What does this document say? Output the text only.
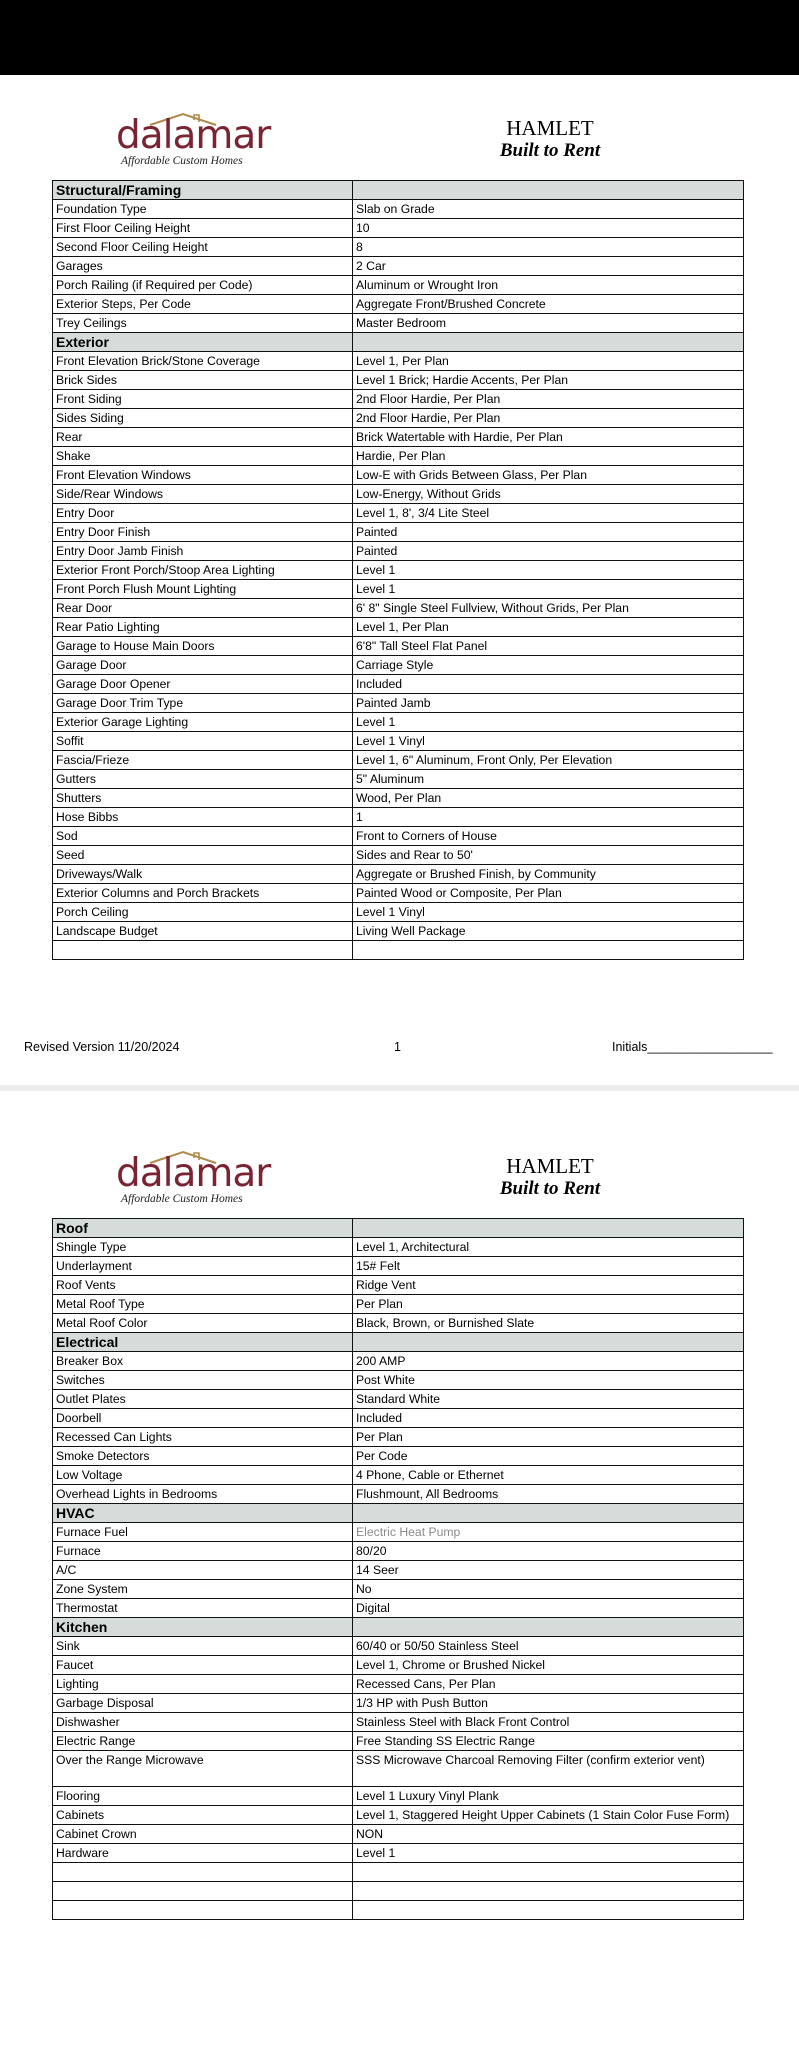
dalamar
Affordable Custom Homes
HAMLET
Built to Rent
Structural/Framing	
Foundation Type	Slab on Grade
First Floor Ceiling Height	10
Second Floor Ceiling Height	8
Garages	2 Car
Porch Railing (if Required per Code)	Aluminum or Wrought Iron
Exterior Steps, Per Code	Aggregate Front/Brushed Concrete
Trey Ceilings	Master Bedroom
Exterior	
Front Elevation Brick/Stone Coverage	Level 1, Per Plan
Brick Sides	Level 1 Brick; Hardie Accents, Per Plan
Front Siding	2nd Floor Hardie, Per Plan
Sides Siding	2nd Floor Hardie, Per Plan
Rear	Brick Watertable with Hardie, Per Plan
Shake	Hardie, Per Plan
Front Elevation Windows	Low-E with Grids Between Glass, Per Plan
Side/Rear Windows	Low-Energy, Without Grids
Entry Door	Level 1, 8', 3/4 Lite Steel
Entry Door Finish	Painted
Entry Door Jamb Finish	Painted
Exterior Front Porch/Stoop Area Lighting	Level 1
Front Porch Flush Mount Lighting	Level 1
Rear Door	6' 8" Single Steel Fullview, Without Grids, Per Plan
Rear Patio Lighting	Level 1, Per Plan
Garage to House Main Doors	6'8" Tall Steel Flat Panel
Garage Door	Carriage Style
Garage Door Opener	Included
Garage Door Trim Type	Painted Jamb
Exterior Garage Lighting	Level 1
Soffit	Level 1 Vinyl
Fascia/Frieze	Level 1, 6" Aluminum, Front Only, Per Elevation
Gutters	5" Aluminum
Shutters	Wood, Per Plan
Hose Bibbs	1
Sod	Front to Corners of House
Seed	Sides and Rear to 50'
Driveways/Walk	Aggregate or Brushed Finish, by Community
Exterior Columns and Porch Brackets	Painted Wood or Composite, Per Plan
Porch Ceiling	Level 1 Vinyl
Landscape Budget	Living Well Package

Revised Version 11/20/2024	1	Initials__________________
dalamar
Affordable Custom Homes
HAMLET
Built to Rent
Roof	
Shingle Type	Level 1, Architectural
Underlayment	15# Felt
Roof Vents	Ridge Vent
Metal Roof Type	Per Plan
Metal Roof Color	Black, Brown, or Burnished Slate
Electrical	
Breaker Box	200 AMP
Switches	Post White
Outlet Plates	Standard White
Doorbell	Included
Recessed Can Lights	Per Plan
Smoke Detectors	Per Code
Low Voltage	4 Phone, Cable or Ethernet
Overhead Lights in Bedrooms	Flushmount, All Bedrooms
HVAC	
Furnace Fuel	Electric Heat Pump
Furnace	80/20
A/C	14 Seer
Zone System	No
Thermostat	Digital
Kitchen	
Sink	60/40 or 50/50 Stainless Steel
Faucet	Level 1, Chrome or Brushed Nickel
Lighting	Recessed Cans, Per Plan
Garbage Disposal	1/3 HP with Push Button
Dishwasher	Stainless Steel with Black Front Control
Electric Range	Free Standing SS Electric Range
Over the Range Microwave	SSS Microwave Charcoal Removing Filter (confirm exterior vent)
Flooring	Level 1 Luxury Vinyl Plank
Cabinets	Level 1, Staggered Height Upper Cabinets (1 Stain Color Fuse Form)
Cabinet Crown	NON
Hardware	Level 1
